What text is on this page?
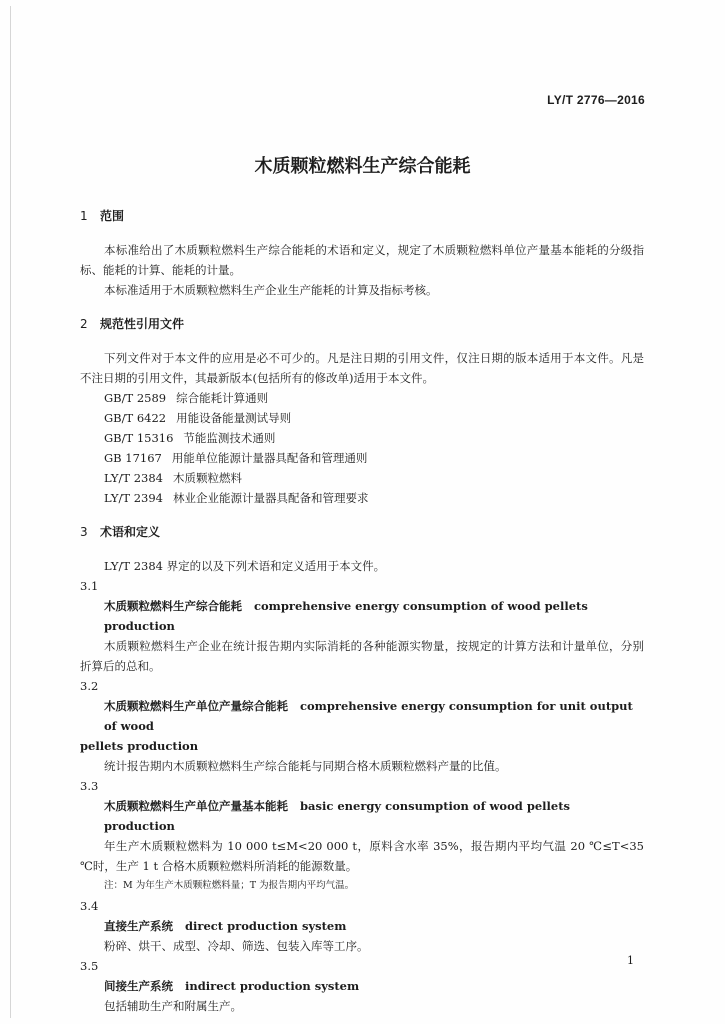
LY/T 2776—2016
木质颗粒燃料生产综合能耗

1 范围

本标准给出了木质颗粒燃料生产综合能耗的术语和定义，规定了木质颗粒燃料单位产量基本能耗的分级指标、能耗的计算、能耗的计量。

本标准适用于木质颗粒燃料生产企业生产能耗的计算及指标考核。

2 规范性引用文件

下列文件对于本文件的应用是必不可少的。凡是注日期的引用文件，仅注日期的版本适用于本文件。凡是不注日期的引用文件，其最新版本(包括所有的修改单)适用于本文件。

GB/T 2589 综合能耗计算通则

GB/T 6422 用能设备能量测试导则

GB/T 15316 节能监测技术通则

GB 17167 用能单位能源计量器具配备和管理通则

LY/T 2384 木质颗粒燃料

LY/T 2394 林业企业能源计量器具配备和管理要求

3 术语和定义

LY/T 2384 界定的以及下列术语和定义适用于本文件。

3.1

木质颗粒燃料生产综合能耗 comprehensive energy consumption of wood pellets production

木质颗粒燃料生产企业在统计报告期内实际消耗的各种能源实物量，按规定的计算方法和计量单位，分别折算后的总和。

3.2

木质颗粒燃料生产单位产量综合能耗 comprehensive energy consumption for unit output of wood

pellets production

统计报告期内木质颗粒燃料生产综合能耗与同期合格木质颗粒燃料产量的比值。

3.3

木质颗粒燃料生产单位产量基本能耗 basic energy consumption of wood pellets production

年生产木质颗粒燃料为 10 000 t≤M<20 000 t，原料含水率 35%，报告期内平均气温 20 ℃≤T<35 ℃时，生产 1 t 合格木质颗粒燃料所消耗的能源数量。

注：M 为年生产木质颗粒燃料量；T 为报告期内平均气温。

3.4

直接生产系统 direct production system

粉碎、烘干、成型、冷却、筛选、包装入库等工序。

3.5

间接生产系统 indirect production system

包括辅助生产和附属生产。

1
